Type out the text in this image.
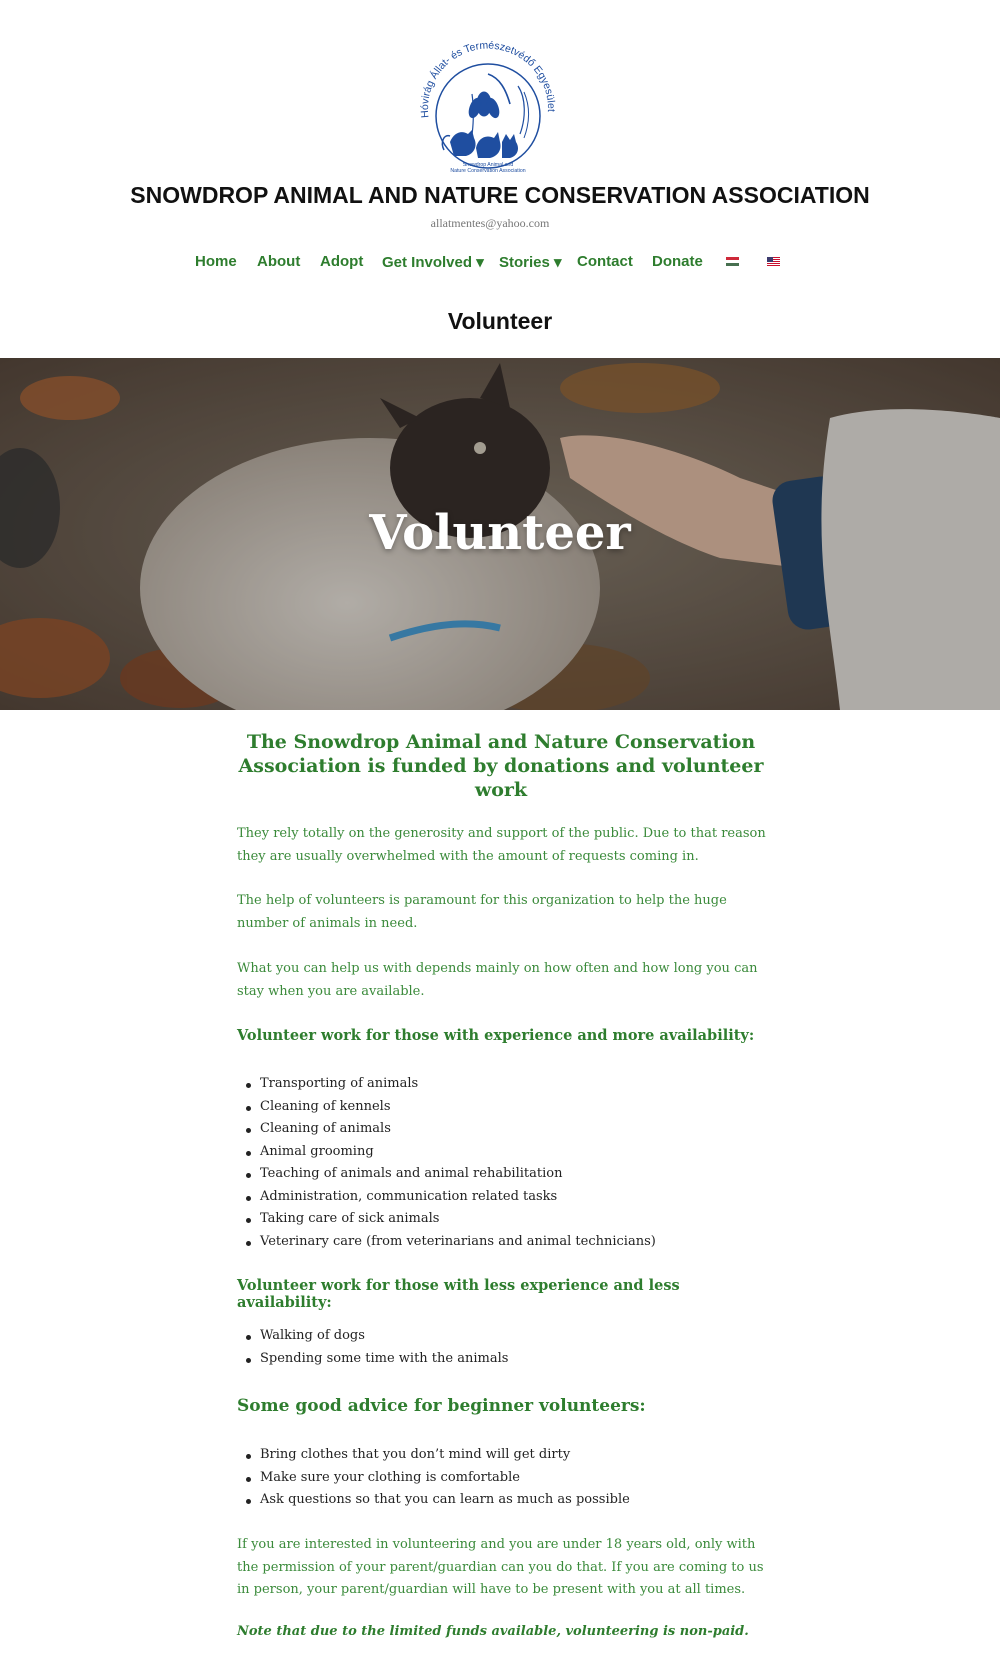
Hóvirág Állat- és Természetvédő Egyesület
Snowdrop Animal and
Nature Conservation Association
SNOWDROP ANIMAL AND NATURE CONSERVATION ASSOCIATION
allatmentes@yahoo.com
Home About Adopt Get Involved ▾ Stories ▾ Contact Donate
Volunteer
Volunteer
The Snowdrop Animal and Nature Conservation
Association is funded by donations and volunteer work

They rely totally on the generosity and support of the public. Due to that reason they are usually overwhelmed with the amount of requests coming in.

The help of volunteers is paramount for this organization to help the huge number of animals in need.

What you can help us with depends mainly on how often and how long you can stay when you are available.

Volunteer work for those with experience and more availability:
Transporting of animals
Cleaning of kennels
Cleaning of animals
Animal grooming
Teaching of animals and animal rehabilitation
Administration, communication related tasks
Taking care of sick animals
Veterinary care (from veterinarians and animal technicians)
Volunteer work for those with less experience and less availability:
Walking of dogs
Spending some time with the animals
Some good advice for beginner volunteers:
Bring clothes that you don’t mind will get dirty
Make sure your clothing is comfortable
Ask questions so that you can learn as much as possible

If you are interested in volunteering and you are under 18 years old, only with the permission of your parent/guardian can you do that. If you are coming to us in person, your parent/guardian will have to be present with you at all times.

Note that due to the limited funds available, volunteering is non-paid.
